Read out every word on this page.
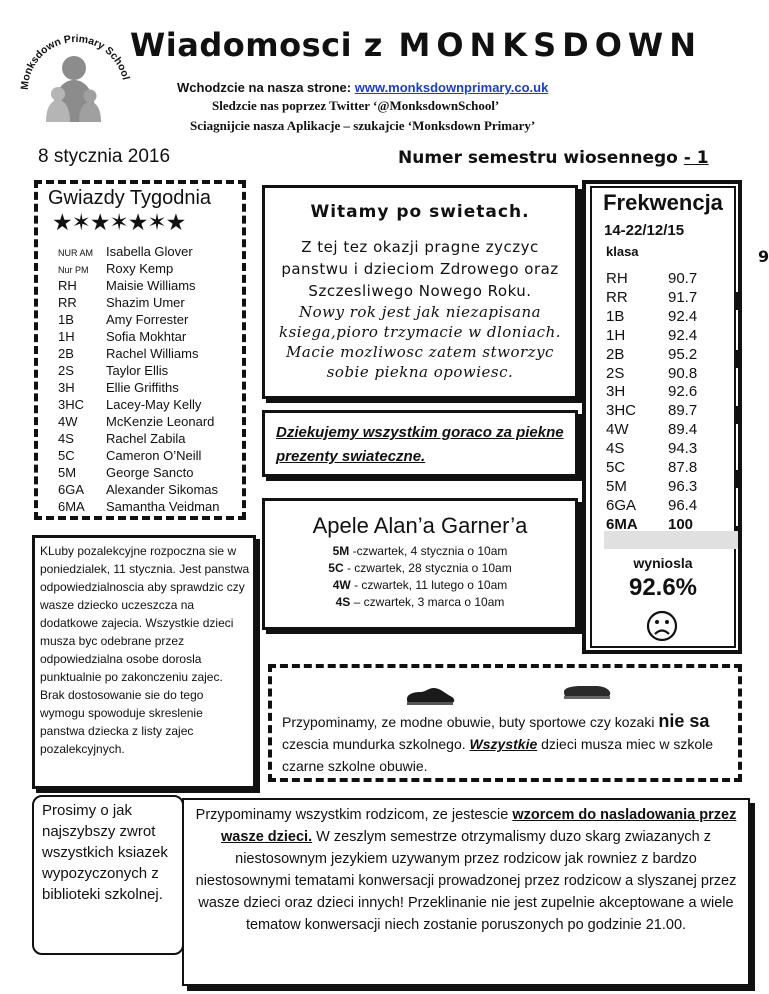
Monksdown Primary School
Wiadomosci z MONKSDOWN
Wchodzcie na nasza strone: www.monksdownprimary.co.uk
Sledzcie nas poprzez Twitter ‘@MonksdownSchool’
Sciagnijcie nasza Aplikacje – szukajcie ‘Monksdown Primary’
8 stycznia 2016	Numer semestru wiosennego - 1
Gwiazdy Tygodnia
★✶★✶★✶★
NUR AM Isabella Glover
Nur PM Roxy Kemp
RH Maisie Williams
RR Shazim Umer
1B Amy Forrester
1H Sofia Mokhtar
2B Rachel Williams
2S Taylor Ellis
3H Ellie Griffiths
3HC Lacey-May Kelly
4W McKenzie Leonard
4S Rachel Zabila
5C Cameron O’Neill
5M George Sancto
6GA Alexander Sikomas
6MA Samantha Veidman
Witamy po swietach.
Z tej tez okazji pragne zyczyc panstwu i dzieciom Zdrowego oraz Szczesliwego Nowego Roku.
Nowy rok jest jak niezapisana ksiega,pioro trzymacie w dloniach. Macie mozliwosc zatem stworzyc sobie piekna opowiesc.
Dziekujemy wszystkim goraco za piekne prezenty swiateczne.
Apele Alan’a Garner’a
5M -czwartek, 4 stycznia o 10am
5C - czwartek, 28 stycznia o 10am
4W - czwartek, 11 lutego o 10am
4S – czwartek, 3 marca o 10am
Frekwencja
14-22/12/15
klasa
RH	90.7
RR	91.7
1B	92.4
1H	92.4
2B	95.2
2S	90.8
3H	92.6
3HC 89.7
4W	89.4
4S	94.3
5C	87.8
5M	96.3
6GA 96.4
6MA 100
wyniosla
92.6%
9
KLuby pozalekcyjne rozpoczna sie w poniedzialek, 11 stycznia. Jest panstwa odpowiedzialnoscia aby sprawdzic czy wasze dziecko uczeszcza na dodatkowe zajecia. Wszystkie dzieci musza byc odebrane przez odpowiedzialna osobe dorosla punktualnie po zakonczeniu zajec. Brak dostosowanie sie do tego wymogu spowoduje skreslenie panstwa dziecka z listy zajec pozalekcyjnych.
Prosimy o jak najszybszy zwrot wszystkich ksiazek wypozyczonych z biblioteki szkolnej.
Przypominamy, ze modne obuwie, buty sportowe czy kozaki nie sa czescia mundurka szkolnego. Wszystkie dzieci musza miec w szkole czarne szkolne obuwie.
Przypominamy wszystkim rodzicom, ze jestescie wzorcem do nasladowania przez wasze dzieci. W zeszlym semestrze otrzymalismy duzo skarg zwiazanych z niestosownym jezykiem uzywanym przez rodzicow jak rowniez z bardzo niestosownymi tematami konwersacji prowadzonej przez rodzicow a slyszanej przez wasze dzieci oraz dzieci innych! Przeklinanie nie jest zupelnie akceptowane a wiele tematow konwersacji niech zostanie poruszonych po godzinie 21.00.
